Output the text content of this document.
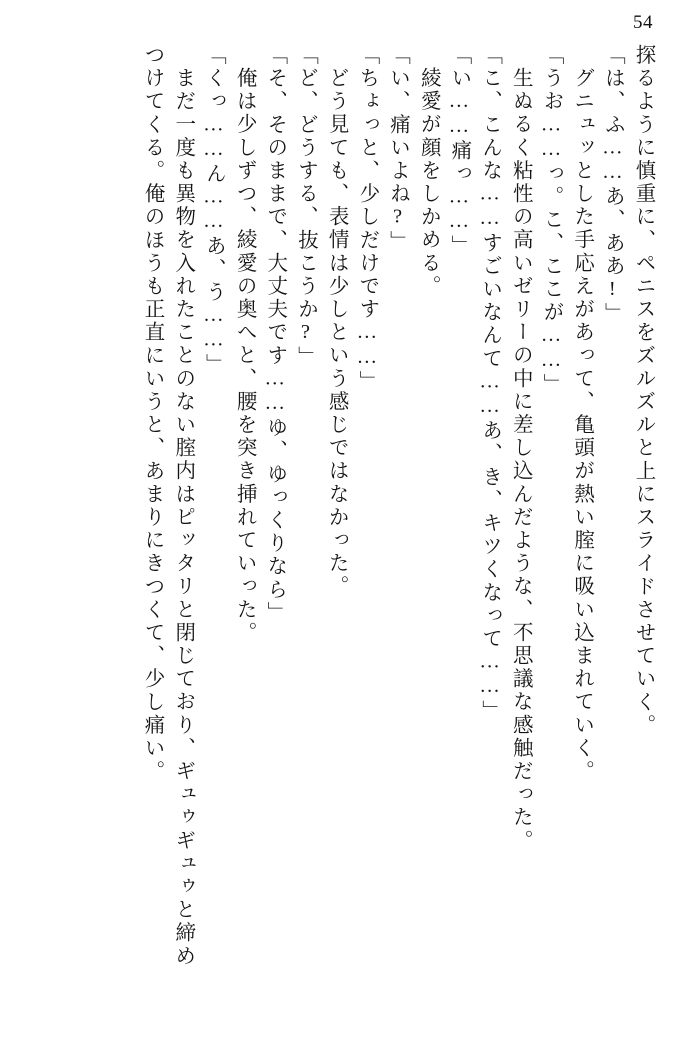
54
探るように慎重に、ペニスをズルズルと上にスライドさせていく。
「は、ふ……あ、ああ!」
グニュッとした手応えがあって、亀頭が熱い腟に吸い込まれていく。
「うお……っ。こ、ここが……」
生ぬるく粘性の高いゼリーの中に差し込んだような、不思議な感触だった。
「こ、こんな……すごいなんて……あ、き、キツくなって……」
「い……痛っ……」
綾愛が顔をしかめる。
「い、痛いよね?」
「ちょっと、少しだけです……」
どう見ても、表情は少しという感じではなかった。
「ど、どうする、抜こうか?」
「そ、そのままで、大丈夫です……ゆ、ゆっくりなら」
俺は少しずつ、綾愛の奥へと、腰を突き挿れていった。
「くっ……ん……あ、う……」
まだ一度も異物を入れたことのない腟内はピッタリと閉じており、ギュゥギュゥと締め
つけてくる。俺のほうも正直にいうと、あまりにきつくて、少し痛い。
